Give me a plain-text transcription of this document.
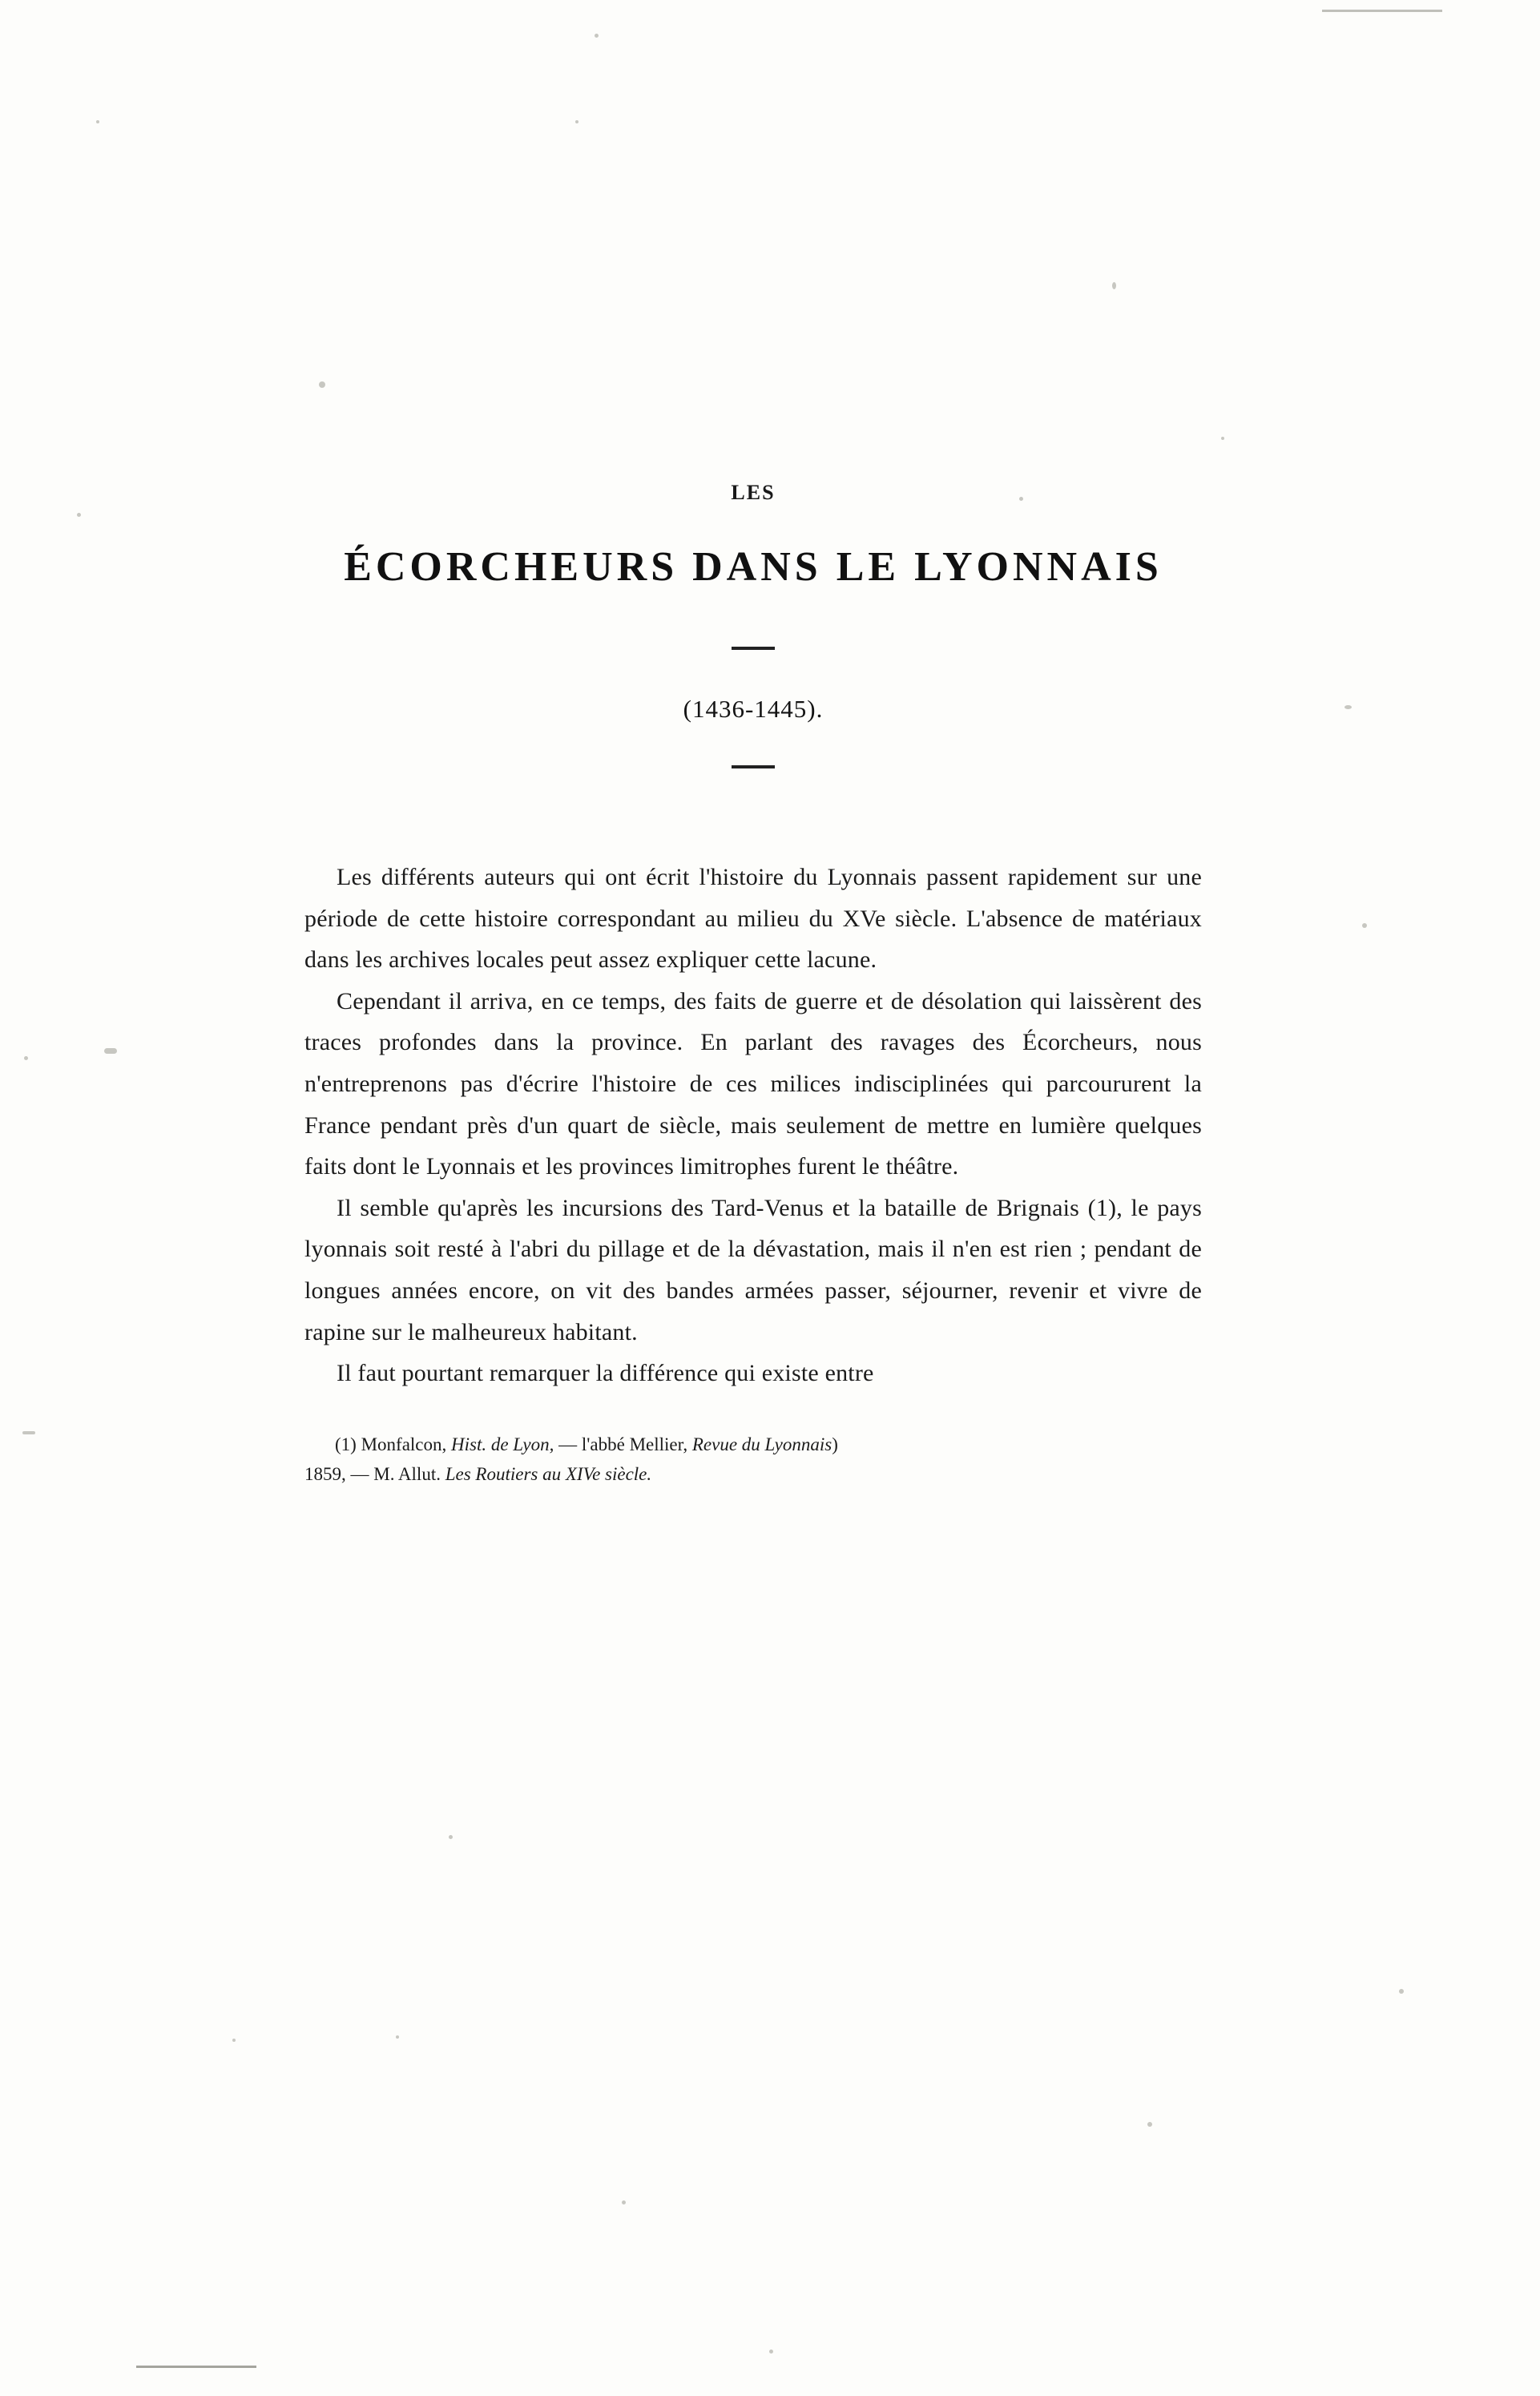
LES
ÉCORCHEURS DANS LE LYONNAIS
(1436-1445).

Les différents auteurs qui ont écrit l'histoire du Lyonnais passent rapidement sur une période de cette histoire correspondant au milieu du XVe siècle. L'absence de matériaux dans les archives locales peut assez expliquer cette lacune.

Cependant il arriva, en ce temps, des faits de guerre et de désolation qui laissèrent des traces profondes dans la province. En parlant des ravages des Écorcheurs, nous n'entreprenons pas d'écrire l'histoire de ces milices indisciplinées qui parcoururent la France pendant près d'un quart de siècle, mais seulement de mettre en lumière quelques faits dont le Lyonnais et les provinces limitrophes furent le théâtre.

Il semble qu'après les incursions des Tard-Venus et la bataille de Brignais (1), le pays lyonnais soit resté à l'abri du pillage et de la dévastation, mais il n'en est rien ; pendant de longues années encore, on vit des bandes armées passer, séjourner, revenir et vivre de rapine sur le malheureux habitant.

Il faut pourtant remarquer la différence qui existe entre

(1) Monfalcon, Hist. de Lyon, — l'abbé Mellier, Revue du Lyonnais)

1859, — M. Allut. Les Routiers au XIVe siècle.
